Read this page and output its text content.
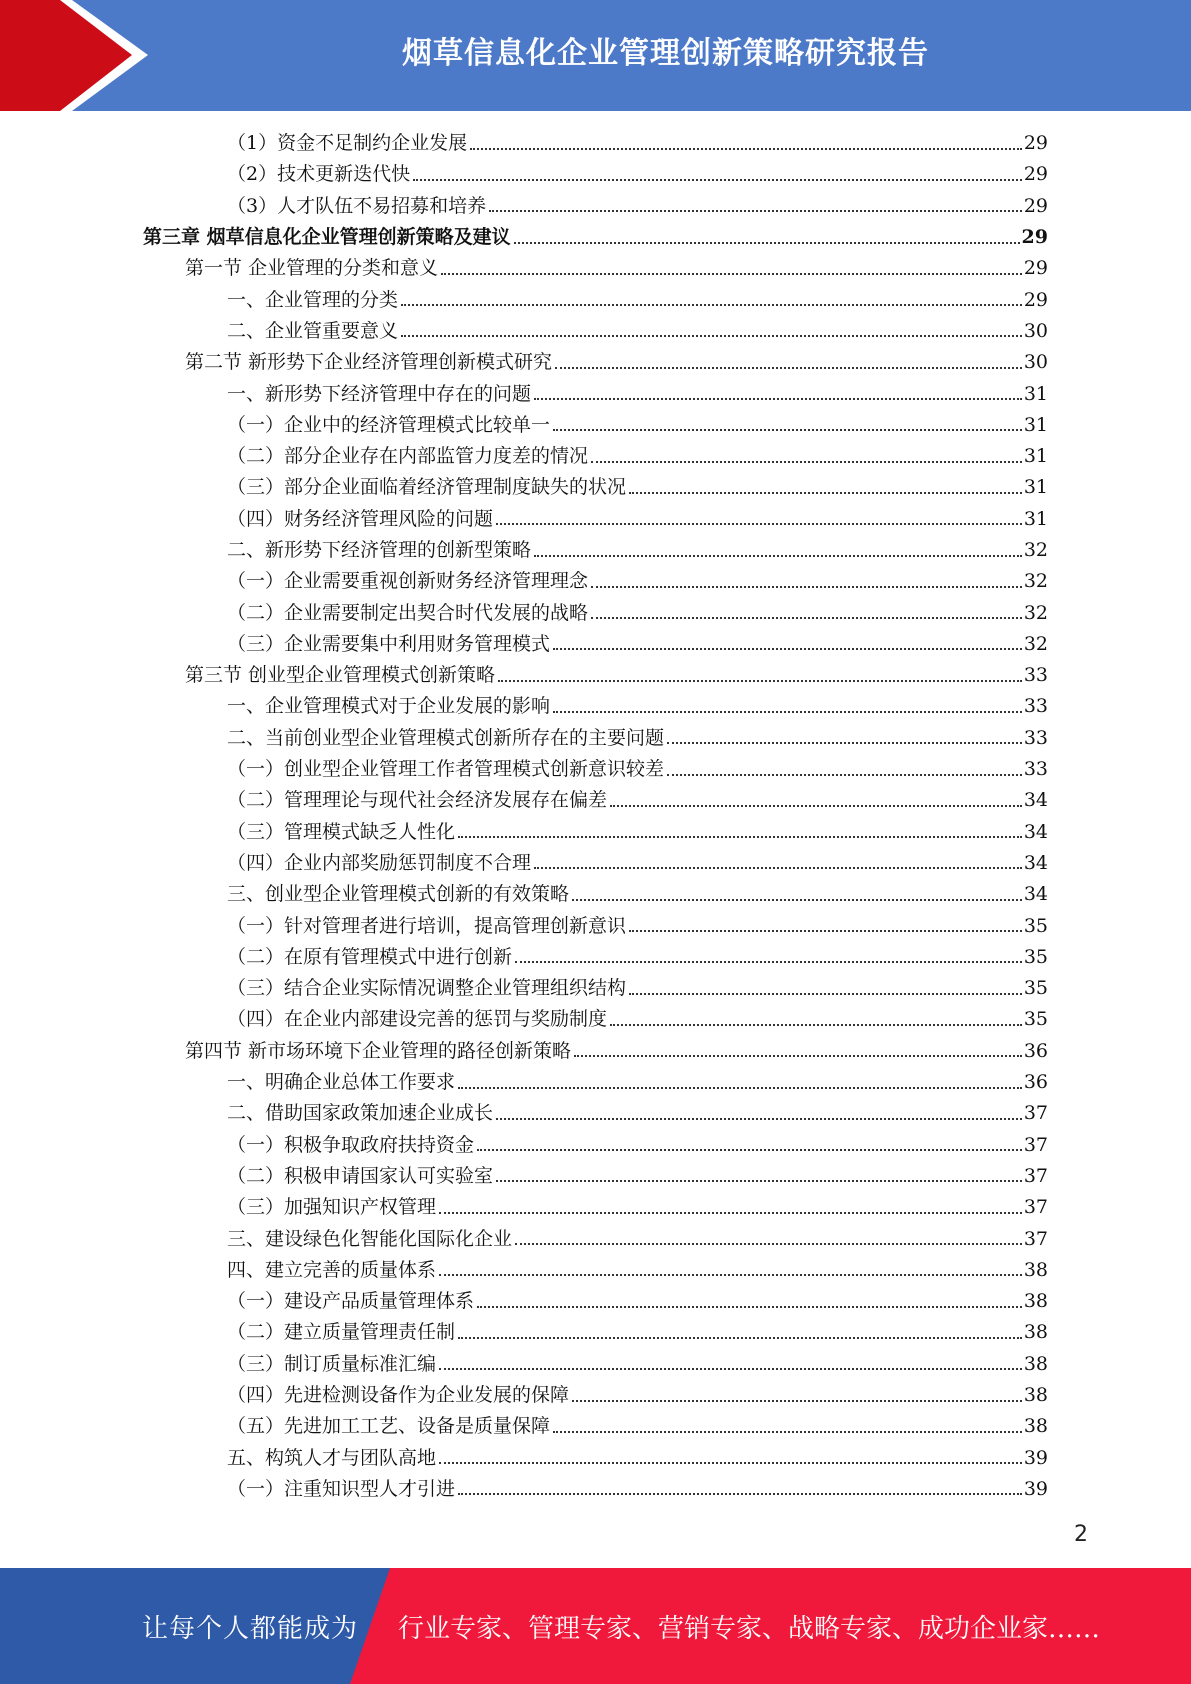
烟草信息化企业管理创新策略研究报告
（1）资金不足制约企业发展	29
（2）技术更新迭代快	29
（3）人才队伍不易招募和培养	29
第三章 烟草信息化企业管理创新策略及建议	29
第一节 企业管理的分类和意义	29
一、企业管理的分类	29
二、企业管重要意义	30
第二节 新形势下企业经济管理创新模式研究	30
一、新形势下经济管理中存在的问题	31
（一）企业中的经济管理模式比较单一	31
（二）部分企业存在内部监管力度差的情况	31
（三）部分企业面临着经济管理制度缺失的状况	31
（四）财务经济管理风险的问题	31
二、新形势下经济管理的创新型策略	32
（一）企业需要重视创新财务经济管理理念	32
（二）企业需要制定出契合时代发展的战略	32
（三）企业需要集中利用财务管理模式	32
第三节 创业型企业管理模式创新策略	33
一、企业管理模式对于企业发展的影响	33
二、当前创业型企业管理模式创新所存在的主要问题	33
（一）创业型企业管理工作者管理模式创新意识较差	33
（二）管理理论与现代社会经济发展存在偏差	34
（三）管理模式缺乏人性化	34
（四）企业内部奖励惩罚制度不合理	34
三、创业型企业管理模式创新的有效策略	34
（一）针对管理者进行培训，提高管理创新意识	35
（二）在原有管理模式中进行创新	35
（三）结合企业实际情况调整企业管理组织结构	35
（四）在企业内部建设完善的惩罚与奖励制度	35
第四节 新市场环境下企业管理的路径创新策略	36
一、明确企业总体工作要求	36
二、借助国家政策加速企业成长	37
（一）积极争取政府扶持资金	37
（二）积极申请国家认可实验室	37
（三）加强知识产权管理	37
三、建设绿色化智能化国际化企业	37
四、建立完善的质量体系	38
（一）建设产品质量管理体系	38
（二）建立质量管理责任制	38
（三）制订质量标准汇编	38
（四）先进检测设备作为企业发展的保障	38
（五）先进加工工艺、设备是质量保障	38
五、构筑人才与团队高地	39
（一）注重知识型人才引进	39
2
让每个人都能成为 行业专家、管理专家、营销专家、战略专家、成功企业家……
